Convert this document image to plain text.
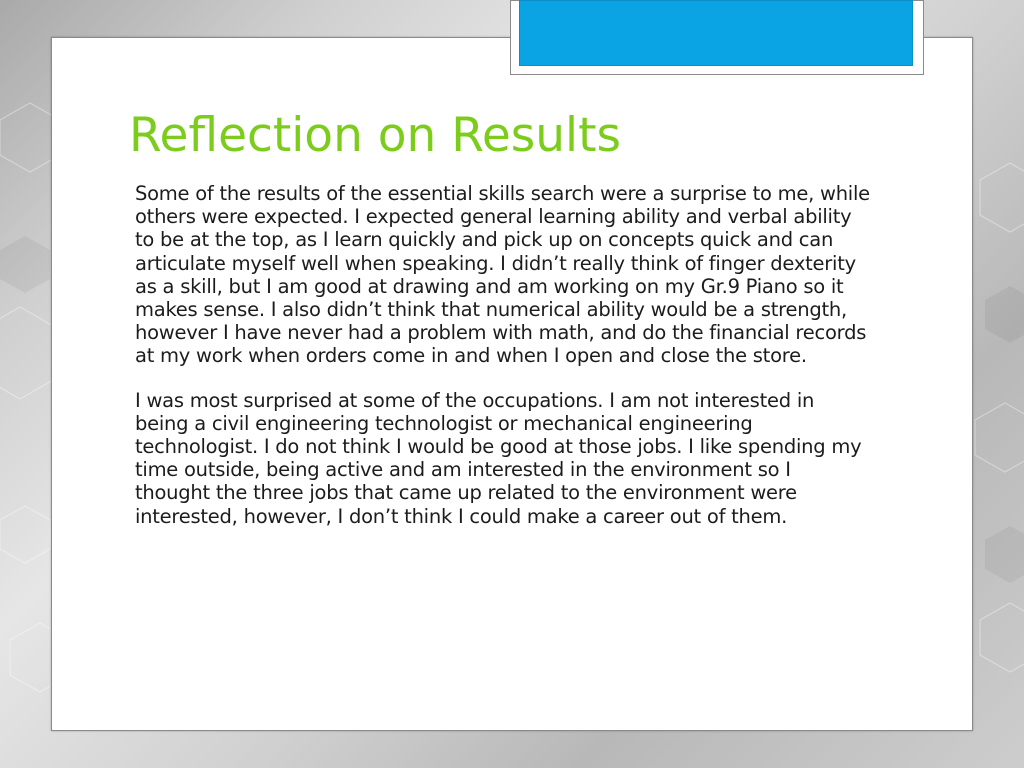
Reflection on Results

Some of the results of the essential skills search were a surprise to me, while others were expected. I expected general learning ability and verbal ability to be at the top, as I learn quickly and pick up on concepts quick and can articulate myself well when speaking. I didn’t really think of finger dexterity as a skill, but I am good at drawing and am working on my Gr.9 Piano so it makes sense. I also didn’t think that numerical ability would be a strength, however I have never had a problem with math, and do the financial records at my work when orders come in and when I open and close the store.

I was most surprised at some of the occupations. I am not interested in being a civil engineering technologist or mechanical engineering technologist. I do not think I would be good at those jobs. I like spending my time outside, being active and am interested in the environment so I thought the three jobs that came up related to the environment were interested, however, I don’t think I could make a career out of them.
